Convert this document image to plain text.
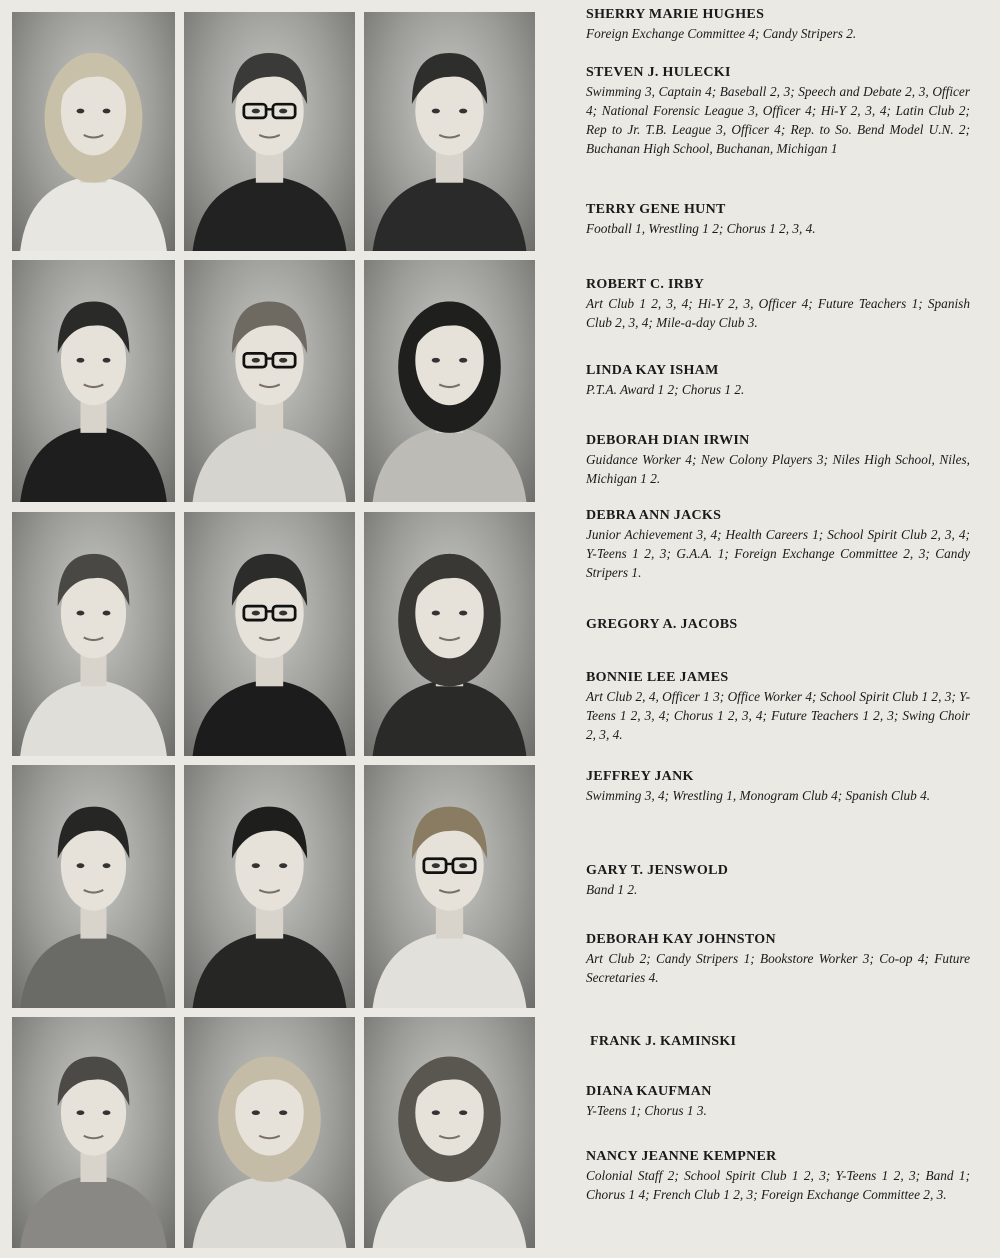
SHERRY MARIE HUGHES
Foreign Exchange Committee 4; Candy Stripers 2.
STEVEN J. HULECKI
Swimming 3, Captain 4; Baseball 2, 3; Speech and Debate 2, 3, Officer 4; National Forensic League 3, Officer 4; Hi-Y 2, 3, 4; Latin Club 2; Rep to Jr. T.B. League 3, Officer 4; Rep. to So. Bend Model U.N. 2; Buchanan High School, Buchanan, Michigan 1
TERRY GENE HUNT
Football 1, Wrestling 1 2; Chorus 1 2, 3, 4.
ROBERT C. IRBY
Art Club 1 2, 3, 4; Hi-Y 2, 3, Officer 4; Future Teachers 1; Spanish Club 2, 3, 4; Mile-a-day Club 3.
LINDA KAY ISHAM
P.T.A. Award 1 2; Chorus 1 2.
DEBORAH DIAN IRWIN
Guidance Worker 4; New Colony Players 3; Niles High School, Niles, Michigan 1 2.
DEBRA ANN JACKS
Junior Achievement 3, 4; Health Careers 1; School Spirit Club 2, 3, 4; Y-Teens 1 2, 3; G.A.A. 1; Foreign Exchange Committee 2, 3; Candy Stripers 1.
GREGORY A. JACOBS
BONNIE LEE JAMES
Art Club 2, 4, Officer 1 3; Office Worker 4; School Spirit Club 1 2, 3; Y-Teens 1 2, 3, 4; Chorus 1 2, 3, 4; Future Teachers 1 2, 3; Swing Choir 2, 3, 4.
JEFFREY JANK
Swimming 3, 4; Wrestling 1, Monogram Club 4; Spanish Club 4.
GARY T. JENSWOLD
Band 1 2.
DEBORAH KAY JOHNSTON
Art Club 2; Candy Stripers 1; Bookstore Worker 3; Co-op 4; Future Secretaries 4.
FRANK J. KAMINSKI
DIANA KAUFMAN
Y-Teens 1; Chorus 1 3.
NANCY JEANNE KEMPNER
Colonial Staff 2; School Spirit Club 1 2, 3; Y-Teens 1 2, 3; Band 1; Chorus 1 4; French Club 1 2, 3; Foreign Exchange Committee 2, 3.
